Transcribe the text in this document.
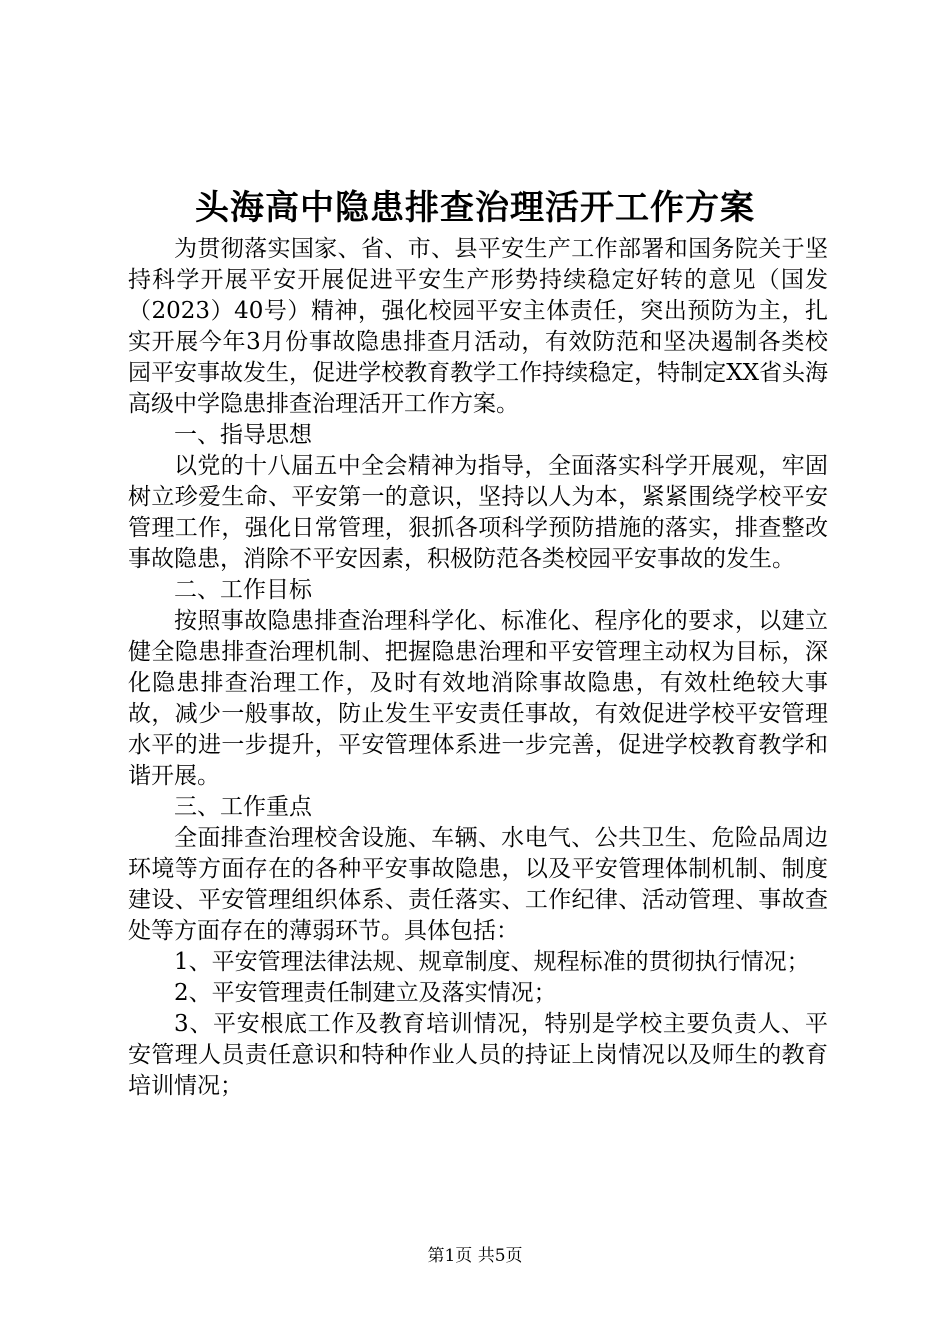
头海高中隐患排查治理活开工作方案

为贯彻落实国家、省、市、县平安生产工作部署和国务院关于坚持科学开展平安开展促进平安生产形势持续稳定好转的意见（国发（2023）40号）精神，强化校园平安主体责任，突出预防为主，扎实开展今年3月份事故隐患排查月活动，有效防范和坚决遏制各类校园平安事故发生，促进学校教育教学工作持续稳定，特制定XX省头海高级中学隐患排查治理活开工作方案。

一、指导思想

以党的十八届五中全会精神为指导，全面落实科学开展观，牢固树立珍爱生命、平安第一的意识，坚持以人为本，紧紧围绕学校平安管理工作，强化日常管理，狠抓各项科学预防措施的落实，排查整改事故隐患，消除不平安因素，积极防范各类校园平安事故的发生。

二、工作目标

按照事故隐患排查治理科学化、标准化、程序化的要求，以建立健全隐患排查治理机制、把握隐患治理和平安管理主动权为目标，深化隐患排查治理工作，及时有效地消除事故隐患，有效杜绝较大事故，减少一般事故，防止发生平安责任事故，有效促进学校平安管理水平的进一步提升，平安管理体系进一步完善，促进学校教育教学和谐开展。

三、工作重点

全面排查治理校舍设施、车辆、水电气、公共卫生、危险品周边环境等方面存在的各种平安事故隐患，以及平安管理体制机制、制度建设、平安管理组织体系、责任落实、工作纪律、活动管理、事故查处等方面存在的薄弱环节。具体包括：

1、平安管理法律法规、规章制度、规程标准的贯彻执行情况；

2、平安管理责任制建立及落实情况；

3、平安根底工作及教育培训情况，特别是学校主要负责人、平安管理人员责任意识和特种作业人员的持证上岗情况以及师生的教育培训情况；

第1页 共5页
